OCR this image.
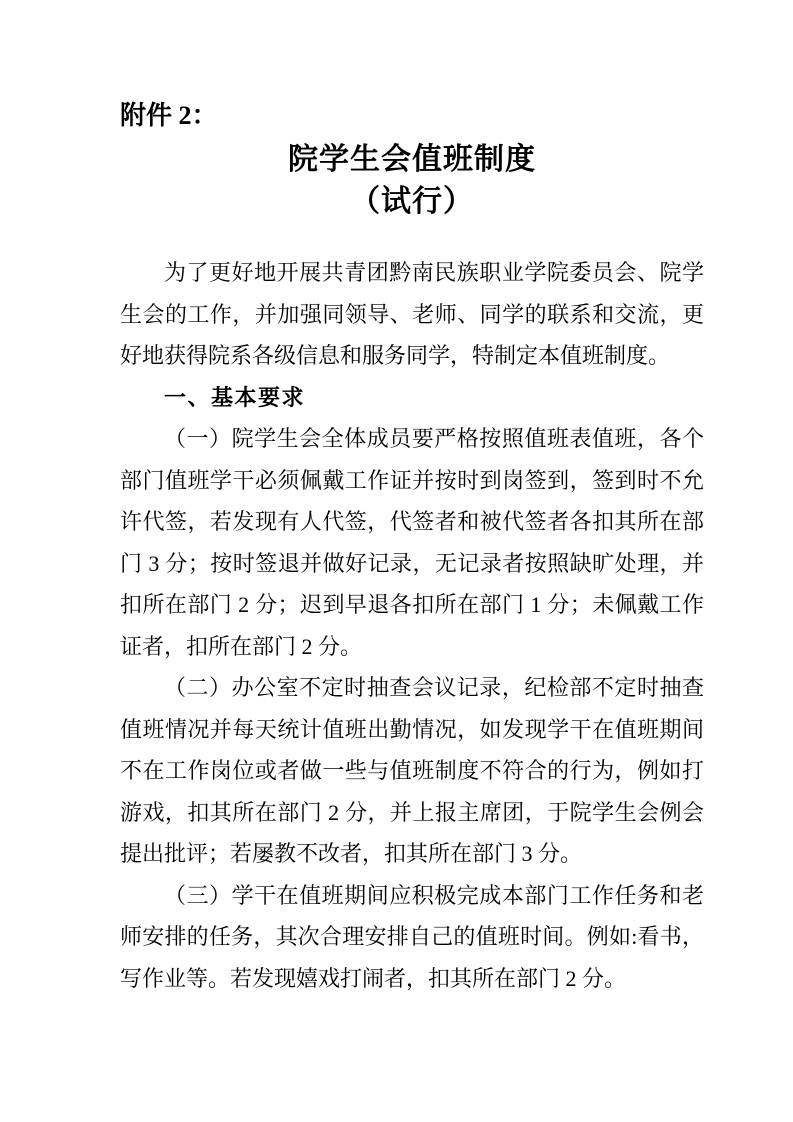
附件 2：
院学生会值班制度
（试行）
为了更好地开展共青团黔南民族职业学院委员会、院学
生会的工作，并加强同领导、老师、同学的联系和交流，更
好地获得院系各级信息和服务同学，特制定本值班制度。
一、基本要求
（一）院学生会全体成员要严格按照值班表值班，各个
部门值班学干必须佩戴工作证并按时到岗签到，签到时不允
许代签，若发现有人代签，代签者和被代签者各扣其所在部
门 3 分；按时签退并做好记录，无记录者按照缺旷处理，并
扣所在部门 2 分；迟到早退各扣所在部门 1 分；未佩戴工作
证者，扣所在部门 2 分。
（二）办公室不定时抽查会议记录，纪检部不定时抽查
值班情况并每天统计值班出勤情况，如发现学干在值班期间
不在工作岗位或者做一些与值班制度不符合的行为，例如打
游戏，扣其所在部门 2 分，并上报主席团，于院学生会例会
提出批评；若屡教不改者，扣其所在部门 3 分。
（三）学干在值班期间应积极完成本部门工作任务和老
师安排的任务，其次合理安排自己的值班时间。例如:看书，
写作业等。若发现嬉戏打闹者，扣其所在部门 2 分。
